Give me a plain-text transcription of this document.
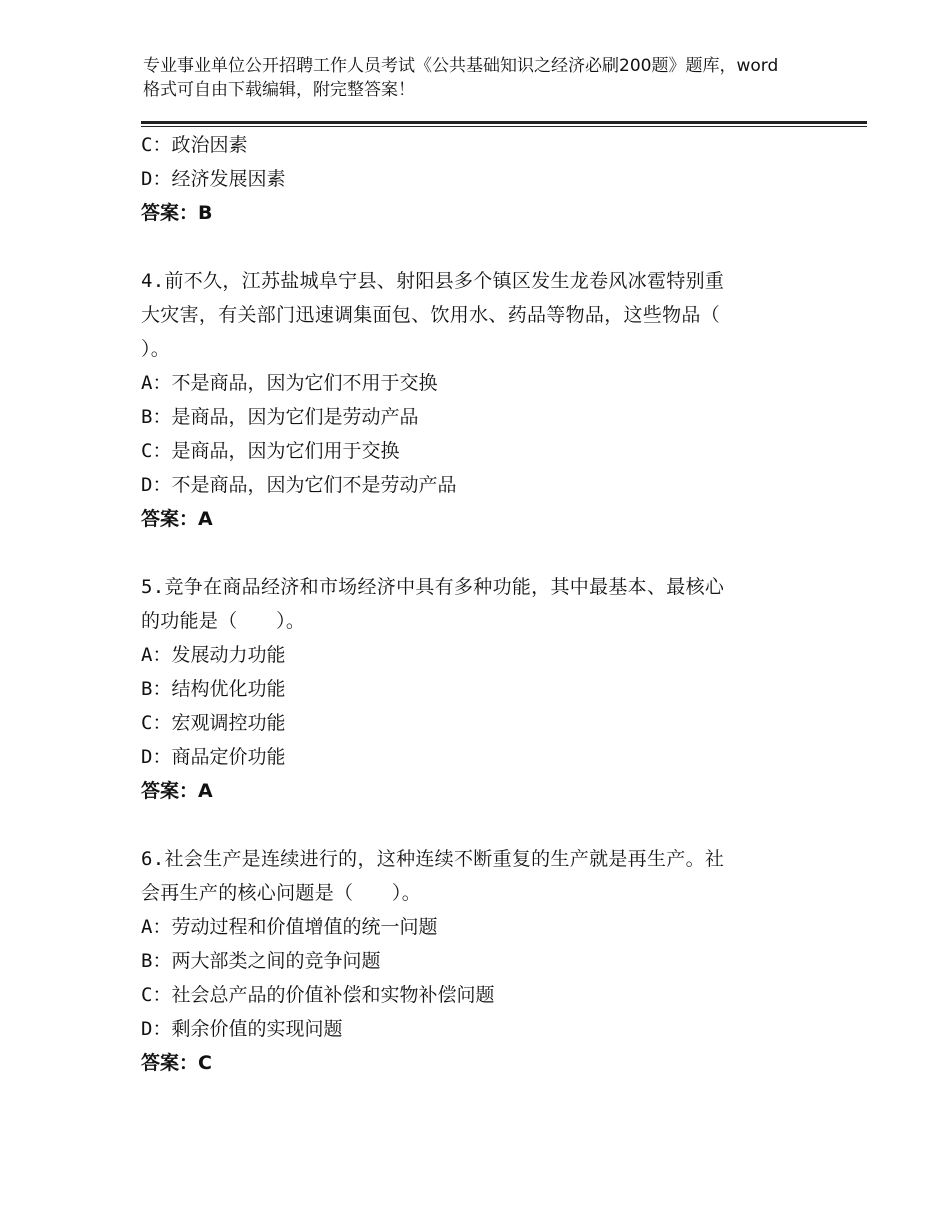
专业事业单位公开招聘工作人员考试《公共基础知识之经济必刷200题》题库，word格式可自由下载编辑，附完整答案！
C：政治因素
D：经济发展因素
答案：B
4.前不久，江苏盐城阜宁县、射阳县多个镇区发生龙卷风冰雹特别重
大灾害，有关部门迅速调集面包、饮用水、药品等物品，这些物品（
）。
A：不是商品，因为它们不用于交换
B：是商品，因为它们是劳动产品
C：是商品，因为它们用于交换
D：不是商品，因为它们不是劳动产品
答案：A
5.竞争在商品经济和市场经济中具有多种功能，其中最基本、最核心
的功能是（　　）。
A：发展动力功能
B：结构优化功能
C：宏观调控功能
D：商品定价功能
答案：A
6.社会生产是连续进行的，这种连续不断重复的生产就是再生产。社
会再生产的核心问题是（　　）。
A：劳动过程和价值增值的统一问题
B：两大部类之间的竞争问题
C：社会总产品的价值补偿和实物补偿问题
D：剩余价值的实现问题
答案：C
